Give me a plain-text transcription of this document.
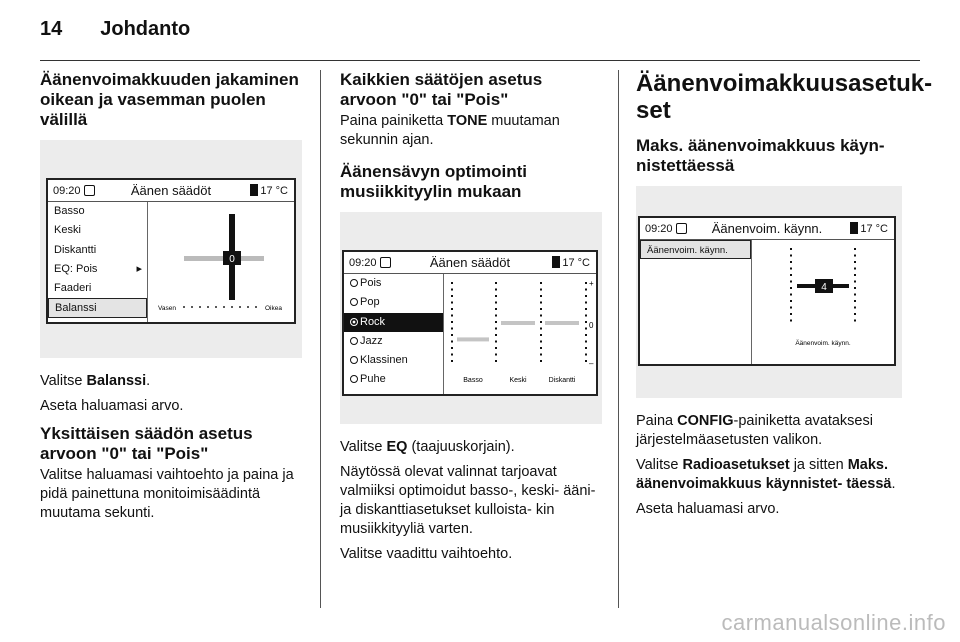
14 Johdanto
Äänenvoimakkuuden jakaminen oikean ja vasemman puolen välillä
09:20	Äänen säädöt	17 °C
Basso
Keski
Diskantti
EQ: Pois	▸
Faaderi
Balanssi
0
Vasen	Oikea

Valitse Balanssi.

Aseta haluamasi arvo.

Yksittäisen säädön asetus arvoon "0" tai "Pois"

Valitse haluamasi vaihtoehto ja paina ja pidä painettuna monitoimisäädintä muutama sekunti.

Kaikkien säätöjen asetus arvoon "0" tai "Pois"

Paina painiketta TONE muutaman sekunnin ajan.

Äänensävyn optimointi musiikkityylin mukaan
09:20	Äänen säädöt	17 °C
Pois
Pop
Rock
Jazz
Klassinen
Puhe
+
0
–
Basso	Keski	Diskantti

Valitse EQ (taajuuskorjain).

Näytössä olevat valinnat tarjoavat valmiiksi optimoidut basso-, keski- ääni- ja diskanttiasetukset kulloista- kin musiikkityyliä varten.

Valitse vaadittu vaihtoehto.

Äänenvoimakkuusasetuk- set
Maks. äänenvoimakkuus käyn- nistettäessä
09:20	Äänenvoim. käynn.	17 °C
Äänenvoim. käynn.
4
Äänenvoim. käynn.

Paina CONFIG-painiketta avataksesi järjestelmäasetusten valikon.

Valitse Radioasetukset ja sitten Maks. äänenvoimakkuus käynnistet- täessä.

Aseta haluamasi arvo.

carmanualsonline.info
